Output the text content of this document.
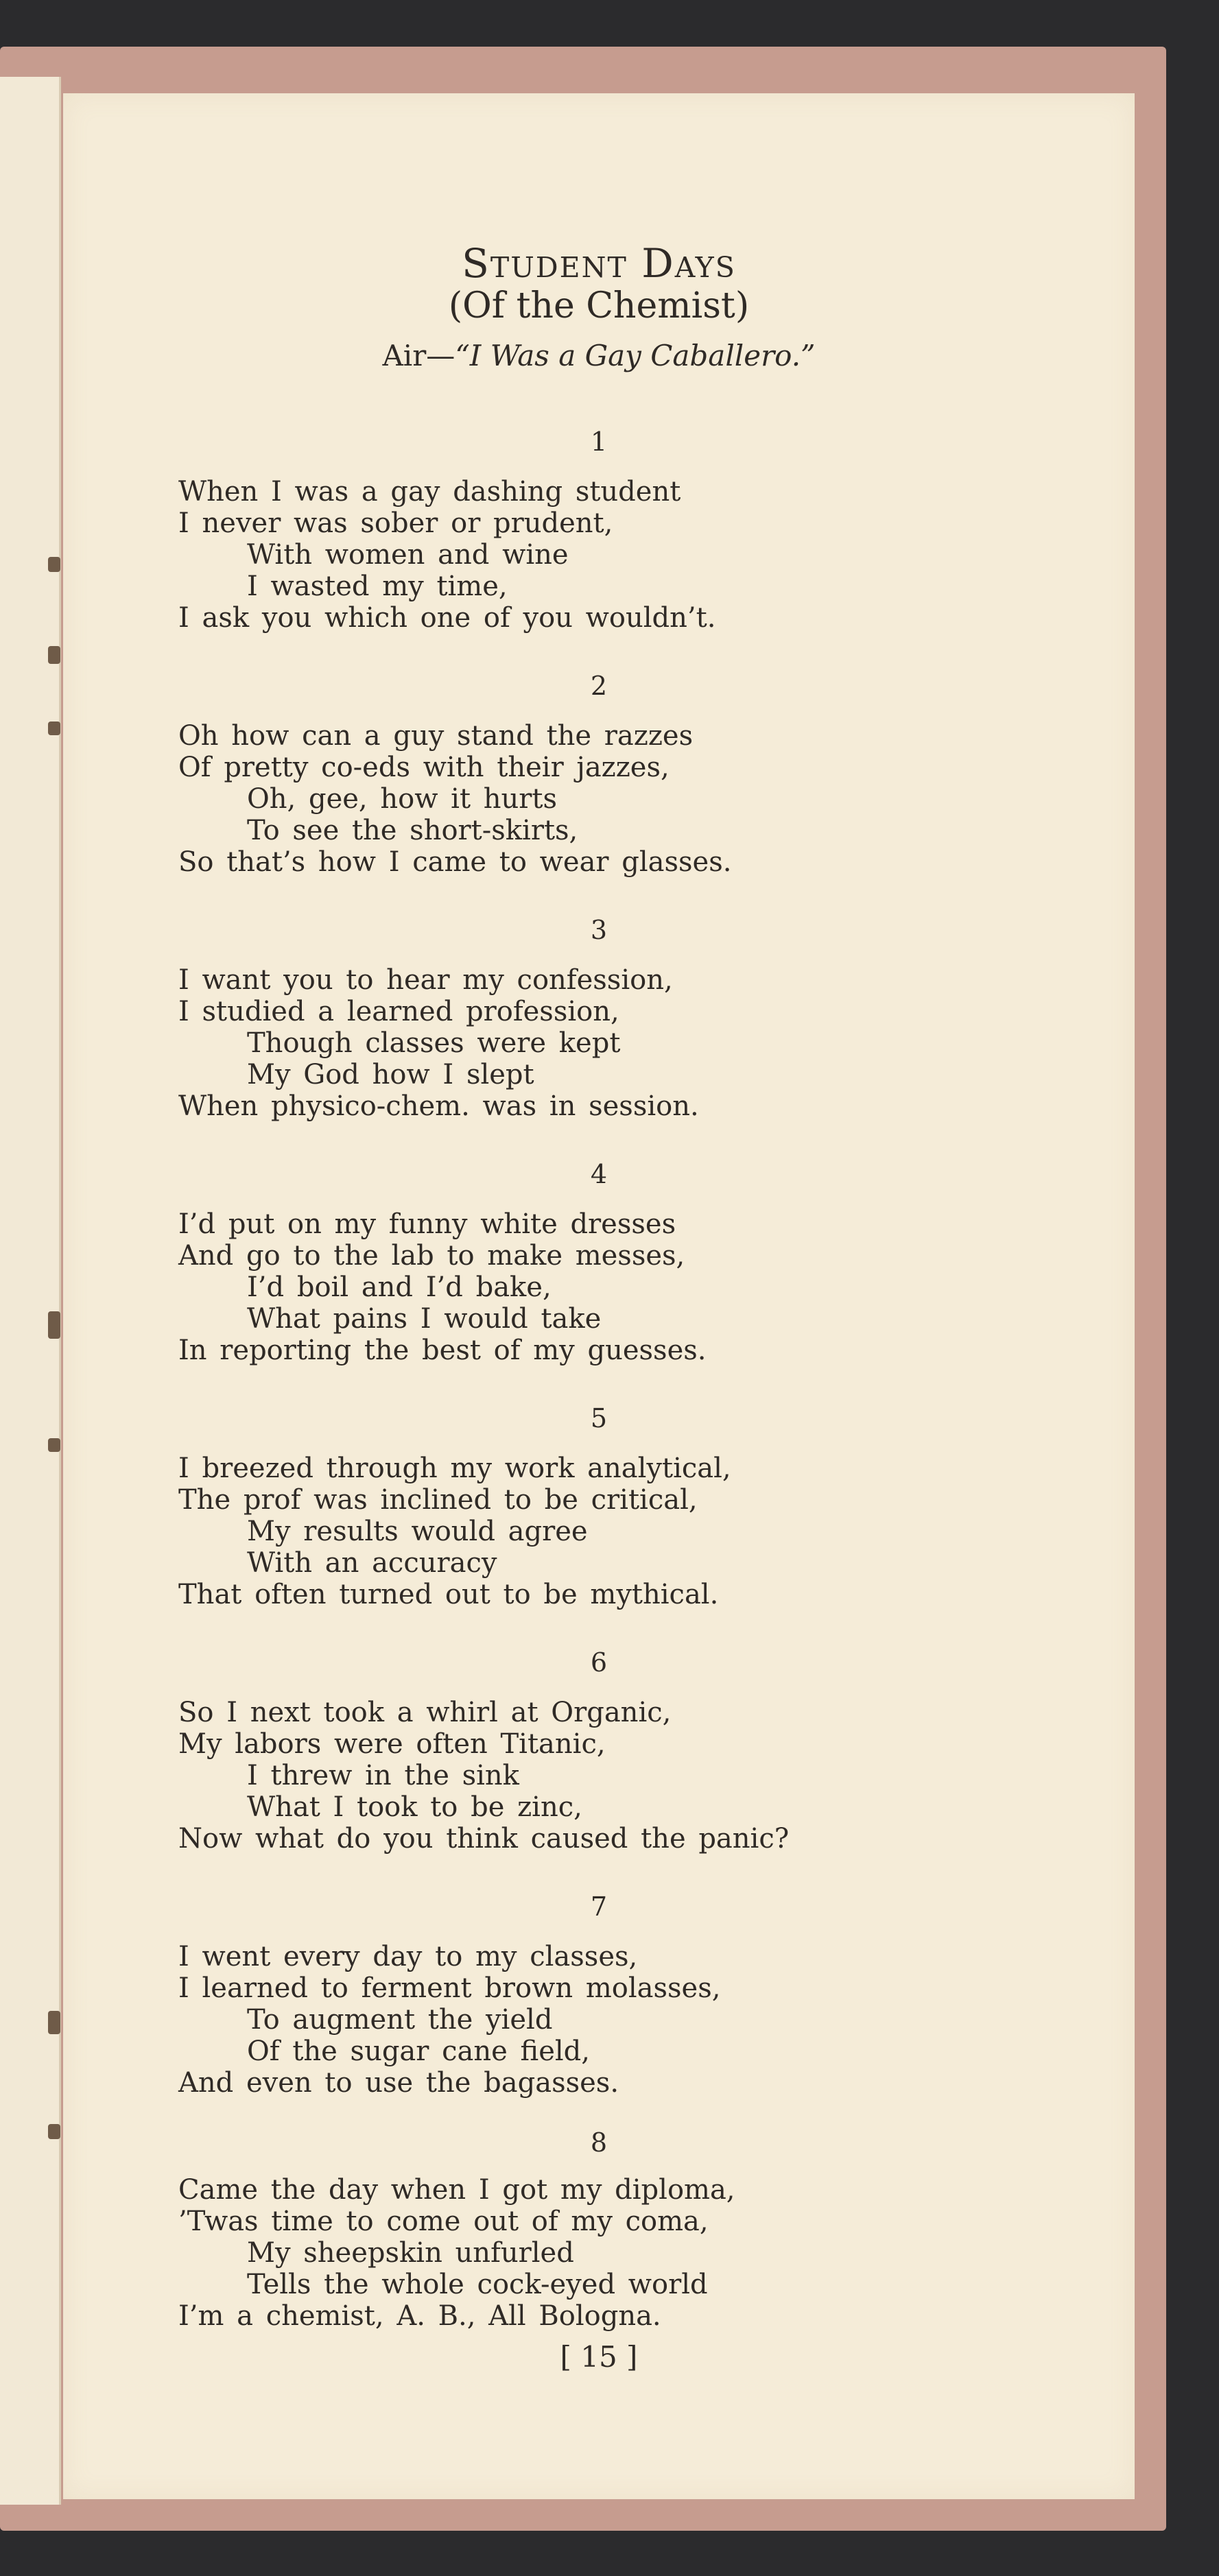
Student Days
(Of the Chemist)
Air—“I Was a Gay Caballero.”
1
When I was a gay dashing student
I never was sober or prudent,
With women and wine
I wasted my time,
I ask you which one of you wouldn’t.
2
Oh how can a guy stand the razzes
Of pretty co-eds with their jazzes,
Oh, gee, how it hurts
To see the short-skirts,
So that’s how I came to wear glasses.
3
I want you to hear my confession,
I studied a learned profession,
Though classes were kept
My God how I slept
When physico-chem. was in session.
4
I’d put on my funny white dresses
And go to the lab to make messes,
I’d boil and I’d bake,
What pains I would take
In reporting the best of my guesses.
5
I breezed through my work analytical,
The prof was inclined to be critical,
My results would agree
With an accuracy
That often turned out to be mythical.
6
So I next took a whirl at Organic,
My labors were often Titanic,
I threw in the sink
What I took to be zinc,
Now what do you think caused the panic?
7
I went every day to my classes,
I learned to ferment brown molasses,
To augment the yield
Of the sugar cane field,
And even to use the bagasses.
8
Came the day when I got my diploma,
’Twas time to come out of my coma,
My sheepskin unfurled
Tells the whole cock-eyed world
I’m a chemist, A. B., All Bologna.
[ 15 ]
